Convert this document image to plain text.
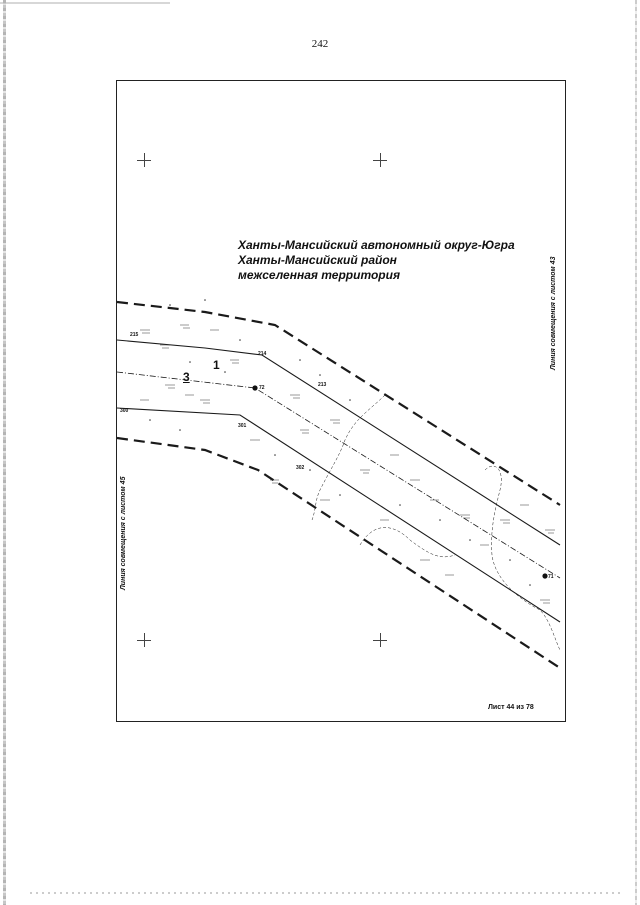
242
Ханты-Мансийский автономный округ-Югра
Ханты-Мансийский район
межселенная территория	Линия совмещения с листом 43
Линия совмещения с листом 45
1
3
215
214
213
300
301
302
72
71
Лист 44 из 78
